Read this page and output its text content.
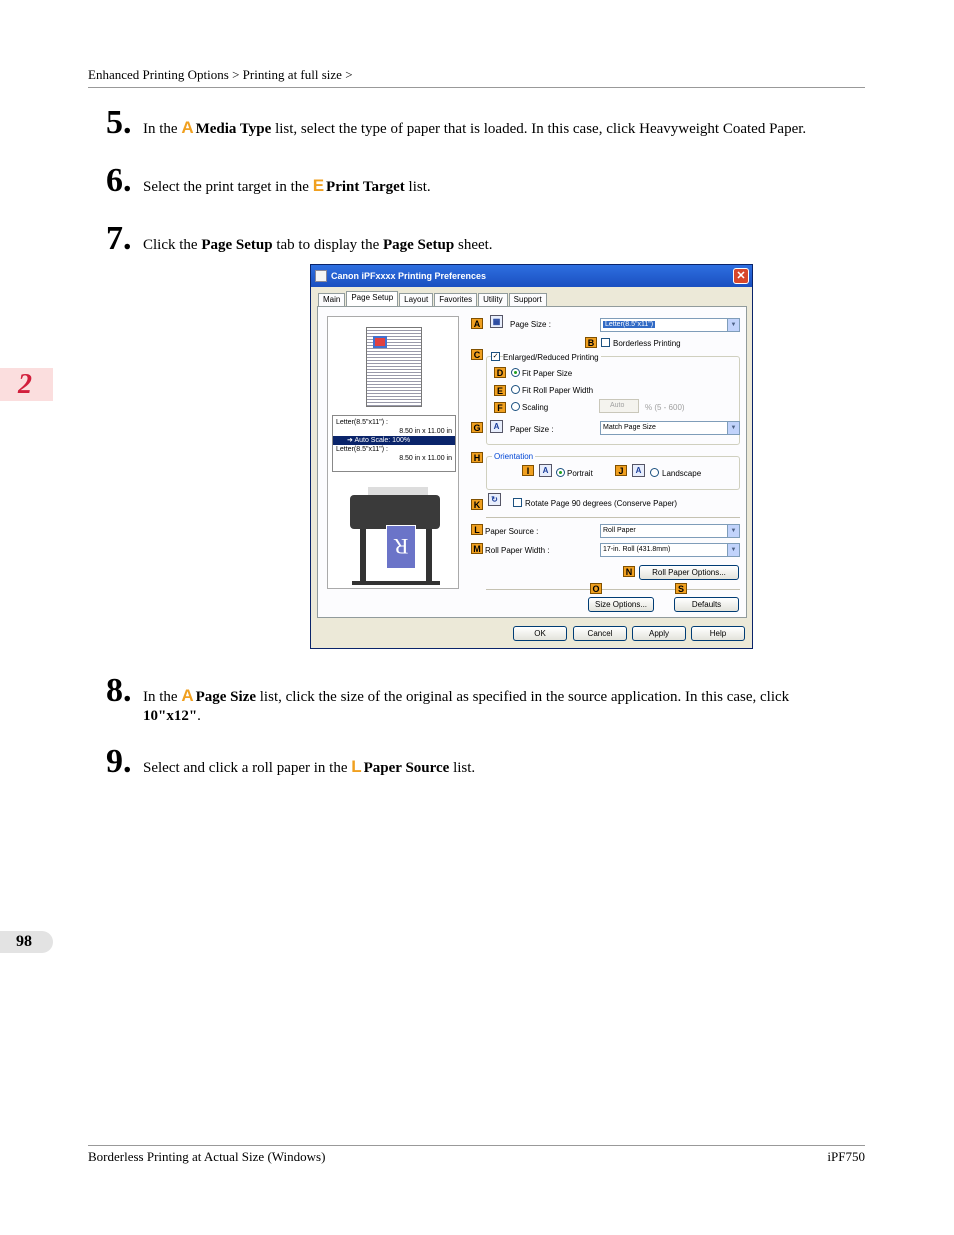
Enhanced Printing Options > Printing at full size >
2
5. In the A Media Type list, select the type of paper that is loaded. In this case, click Heavyweight Coated Paper.
6. Select the print target in the E Print Target list.
7. Click the Page Setup tab to display the Page Setup sheet.
Canon iPFxxxx Printing Preferences	✕
Main	Page Setup	Layout	Favorites	Utility	Support
Letter(8.5"x11") :
8.50 in x 11.00 in
➜ Auto Scale: 100%
Letter(8.5"x11") :
8.50 in x 11.00 in
R
A	▦	Page Size :	Letter(8.5"x11")	▼
B	Borderless Printing
C	✓ Enlarged/Reduced Printing
D	Fit Paper Size
E	Fit Roll Paper Width
F	Scaling	Auto	% (5 - 600)
G	A	Paper Size :	Match Page Size	▼
H	Orientation
I	A	Portrait	J	A	Landscape
K
↻	Rotate Page 90 degrees (Conserve Paper)
L Paper Source :	Roll Paper	▼
M Roll Paper Width :	17-in. Roll (431.8mm)	▼
N	Roll Paper Options...
O	S
Size Options...	Defaults
OK	Cancel	Apply	Help
8. In the A Page Size list, click the size of the original as specified in the source application. In this case, click 10"x12".
9. Select and click a roll paper in the L Paper Source list.
98
Borderless Printing at Actual Size (Windows)	iPF750
